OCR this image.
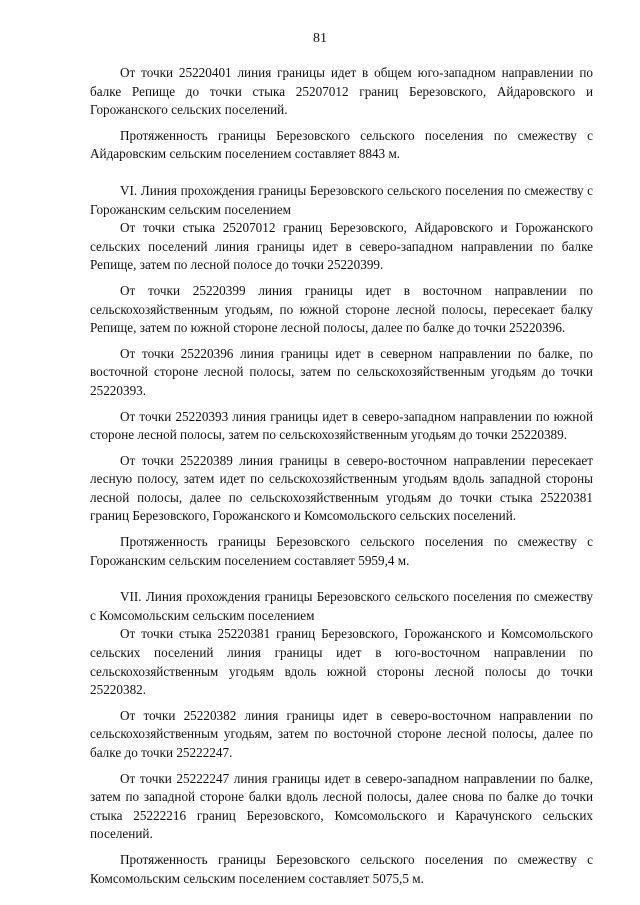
81

От точки 25220401 линия границы идет в общем юго-западном направлении по балке Репище до точки стыка 25207012 границ Березовского, Айдаровского и Горожанского сельских поселений.

Протяженность границы Березовского сельского поселения по смежеству с Айдаровским сельским поселением составляет 8843 м.

VI. Линия прохождения границы Березовского сельского поселения по смежеству с Горожанским сельским поселением

От точки стыка 25207012 границ Березовского, Айдаровского и Горожанского сельских поселений линия границы идет в северо-западном направлении по балке Репище, затем по лесной полосе до точки 25220399.

От точки 25220399 линия границы идет в восточном направлении по сельскохозяйственным угодьям, по южной стороне лесной полосы, пересекает балку Репище, затем по южной стороне лесной полосы, далее по балке до точки 25220396.

От точки 25220396 линия границы идет в северном направлении по балке, по восточной стороне лесной полосы, затем по сельскохозяйственным угодьям до точки 25220393.

От точки 25220393 линия границы идет в северо-западном направлении по южной стороне лесной полосы, затем по сельскохозяйственным угодьям до точки 25220389.

От точки 25220389 линия границы в северо-восточном направлении пересекает лесную полосу, затем идет по сельскохозяйственным угодьям вдоль западной стороны лесной полосы, далее по сельскохозяйственным угодьям до точки стыка 25220381 границ Березовского, Горожанского и Комсомольского сельских поселений.

Протяженность границы Березовского сельского поселения по смежеству с Горожанским сельским поселением составляет 5959,4 м.

VII. Линия прохождения границы Березовского сельского поселения по смежеству с Комсомольским сельским поселением

От точки стыка 25220381 границ Березовского, Горожанского и Комсомольского сельских поселений линия границы идет в юго-восточном направлении по сельскохозяйственным угодьям вдоль южной стороны лесной полосы до точки 25220382.

От точки 25220382 линия границы идет в северо-восточном направлении по сельскохозяйственным угодьям, затем по восточной стороне лесной полосы, далее по балке до точки 25222247.

От точки 25222247 линия границы идет в северо-западном направлении по балке, затем по западной стороне балки вдоль лесной полосы, далее снова по балке до точки стыка 25222216 границ Березовского, Комсомольского и Карачунского сельских поселений.

Протяженность границы Березовского сельского поселения по смежеству с Комсомольским сельским поселением составляет 5075,5 м.
